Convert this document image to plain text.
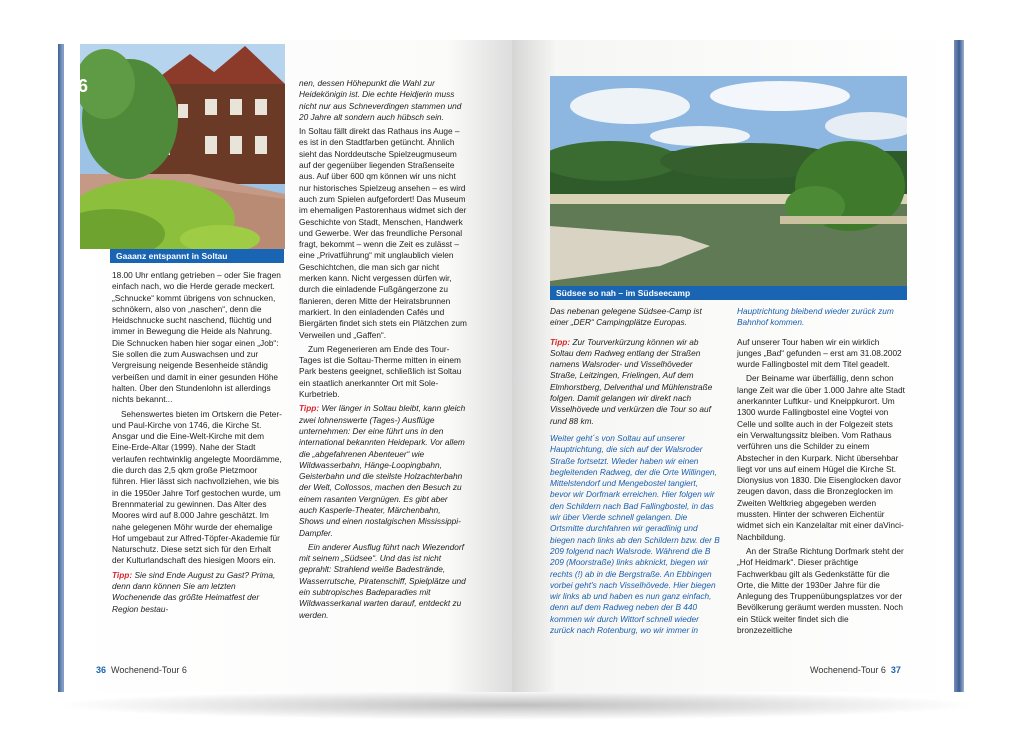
6
Gaaanz entspannt in Soltau

18.00 Uhr entlang getrieben – oder Sie fragen einfach nach, wo die Herde gerade meckert. „Schnucke“ kommt übrigens von schnucken, schnökern, also von „naschen“, denn die Heidschnucke sucht naschend, flüchtig und immer in Bewegung die Heide als Nahrung. Die Schnucken haben hier sogar einen „Job“: Sie sollen die zum Auswachsen und zur Vergreisung neigende Besenheide ständig verbeißen und damit in einer gesunden Höhe halten. Über den Stundenlohn ist allerdings nichts bekannt...

Sehenswertes bieten im Ortskern die Peter- und Paul-Kirche von 1746, die Kirche St. Ansgar und die Eine-Welt-Kirche mit dem Eine-Erde-Altar (1999). Nahe der Stadt verlaufen rechtwinklig angelegte Moordämme, die durch das 2,5 qkm große Pietzmoor führen. Hier lässt sich nachvollziehen, wie bis in die 1950er Jahre Torf gestochen wurde, um Brennmaterial zu gewinnen. Das Alter des Moores wird auf 8.000 Jahre geschätzt. Im nahe gelegenen Möhr wurde der ehemalige Hof umgebaut zur Alfred-Töpfer-Akademie für Naturschutz. Diese setzt sich für den Erhalt der Kulturlandschaft des hiesigen Moors ein.

Tipp: Sie sind Ende August zu Gast? Prima, denn dann können Sie am letzten Wochenende das größte Heimatfest der Region bestau-

nen, dessen Höhepunkt die Wahl zur Heidekönigin ist. Die echte Heidjerin muss nicht nur aus Schneverdingen stammen und 20 Jahre alt sondern auch hübsch sein.

In Soltau fällt direkt das Rathaus ins Auge – es ist in den Stadtfarben getüncht. Ähnlich sieht das Norddeutsche Spielzeugmuseum auf der gegenüber liegenden Straßenseite aus. Auf über 600 qm können wir uns nicht nur historisches Spielzeug ansehen – es wird auch zum Spielen aufgefordert! Das Museum im ehemaligen Pastorenhaus widmet sich der Geschichte von Stadt, Menschen, Handwerk und Gewerbe. Wer das freundliche Personal fragt, bekommt – wenn die Zeit es zulässt – eine „Privatführung“ mit unglaublich vielen Geschichtchen, die man sich gar nicht merken kann. Nicht vergessen dürfen wir, durch die einladende Fußgängerzone zu flanieren, deren Mitte der Heiratsbrunnen markiert. In den einladenden Cafés und Biergärten findet sich stets ein Plätzchen zum Verweilen und „Gaffen“.

Zum Regenerieren am Ende des Tour-Tages ist die Soltau-Therme mitten in einem Park bestens geeignet, schließlich ist Soltau ein staatlich anerkannter Ort mit Sole-Kurbetrieb.

Tipp: Wer länger in Soltau bleibt, kann gleich zwei lohnenswerte (Tages-) Ausflüge unternehmen: Der eine führt uns in den international bekannten Heidepark. Vor allem die „abgefahrenen Abenteuer“ wie Wildwasserbahn, Hänge-Loopingbahn, Geisterbahn und die steilste Holzachterbahn der Welt, Collossos, machen den Besuch zu einem rasanten Vergnügen. Es gibt aber auch Kasperle-Theater, Märchenbahn, Shows und einen nostalgischen Mississippi-Dampfer.

Ein anderer Ausflug führt nach Wiezendorf mit seinem „Südsee“. Und das ist nicht geprahlt: Strahlend weiße Badestrände, Wasserrutsche, Piratenschiff, Spielplätze und ein subtropisches Badeparadies mit Wildwasserkanal warten darauf, entdeckt zu werden.

36 Wochenend-Tour 6
Südsee so nah – im Südseecamp

Das nebenan gelegene Südsee-Camp ist einer „DER“ Campingplätze Europas.

Tipp: Zur Tourverkürzung können wir ab Soltau dem Radweg entlang der Straßen namens Walsroder- und Visselhöveder Straße, Leitzingen, Frielingen, Auf dem Elmhorstberg, Delventhal und Mühlenstraße folgen. Damit gelangen wir direkt nach Visselhövede und verkürzen die Tour so auf rund 88 km.

Weiter geht´s von Soltau auf unserer Hauptrichtung, die sich auf der Walsroder Straße fortsetzt. Wieder haben wir einen begleitenden Radweg, der die Orte Willingen, Mittelstendorf und Mengebostel tangiert, bevor wir Dorfmark erreichen. Hier folgen wir den Schildern nach Bad Fallingbostel, in das wir über Vierde schnell gelangen. Die Ortsmitte durchfahren wir geradlinig und biegen nach links ab den Schildern bzw. der B 209 folgend nach Walsrode. Während die B 209 (Moorstraße) links abknickt, biegen wir rechts (!) ab in die Bergstraße. An Ebbingen vorbei geht's nach Visselhövede. Hier biegen wir links ab und haben es nun ganz einfach, denn auf dem Radweg neben der B 440 kommen wir durch Wittorf schnell wieder zurück nach Rotenburg, wo wir immer in

Hauptrichtung bleibend wieder zurück zum Bahnhof kommen.

Auf unserer Tour haben wir ein wirklich junges „Bad“ gefunden – erst am 31.08.2002 wurde Fallingbostel mit dem Titel geadelt.

Der Beiname war überfällig, denn schon lange Zeit war die über 1.000 Jahre alte Stadt anerkannter Luftkur- und Kneippkurort. Um 1300 wurde Fallingbostel eine Vogtei von Celle und sollte auch in der Folgezeit stets ein Verwaltungssitz bleiben. Vom Rathaus verführen uns die Schilder zu einem Abstecher in den Kurpark. Nicht übersehbar liegt vor uns auf einem Hügel die Kirche St. Dionysius von 1830. Die Eisenglocken davor zeugen davon, dass die Bronzeglocken im Zweiten Weltkrieg abgegeben werden mussten. Hinter der schweren Eichentür widmet sich ein Kanzelaltar mit einer daVinci-Nachbildung.

An der Straße Richtung Dorfmark steht der „Hof Heidmark“. Dieser prächtige Fachwerkbau gilt als Gedenkstätte für die Orte, die Mitte der 1930er Jahre für die Anlegung des Truppenübungsplatzes vor der Bevölkerung geräumt werden mussten. Noch ein Stück weiter findet sich die bronzezeitliche

Wochenend-Tour 6 37
